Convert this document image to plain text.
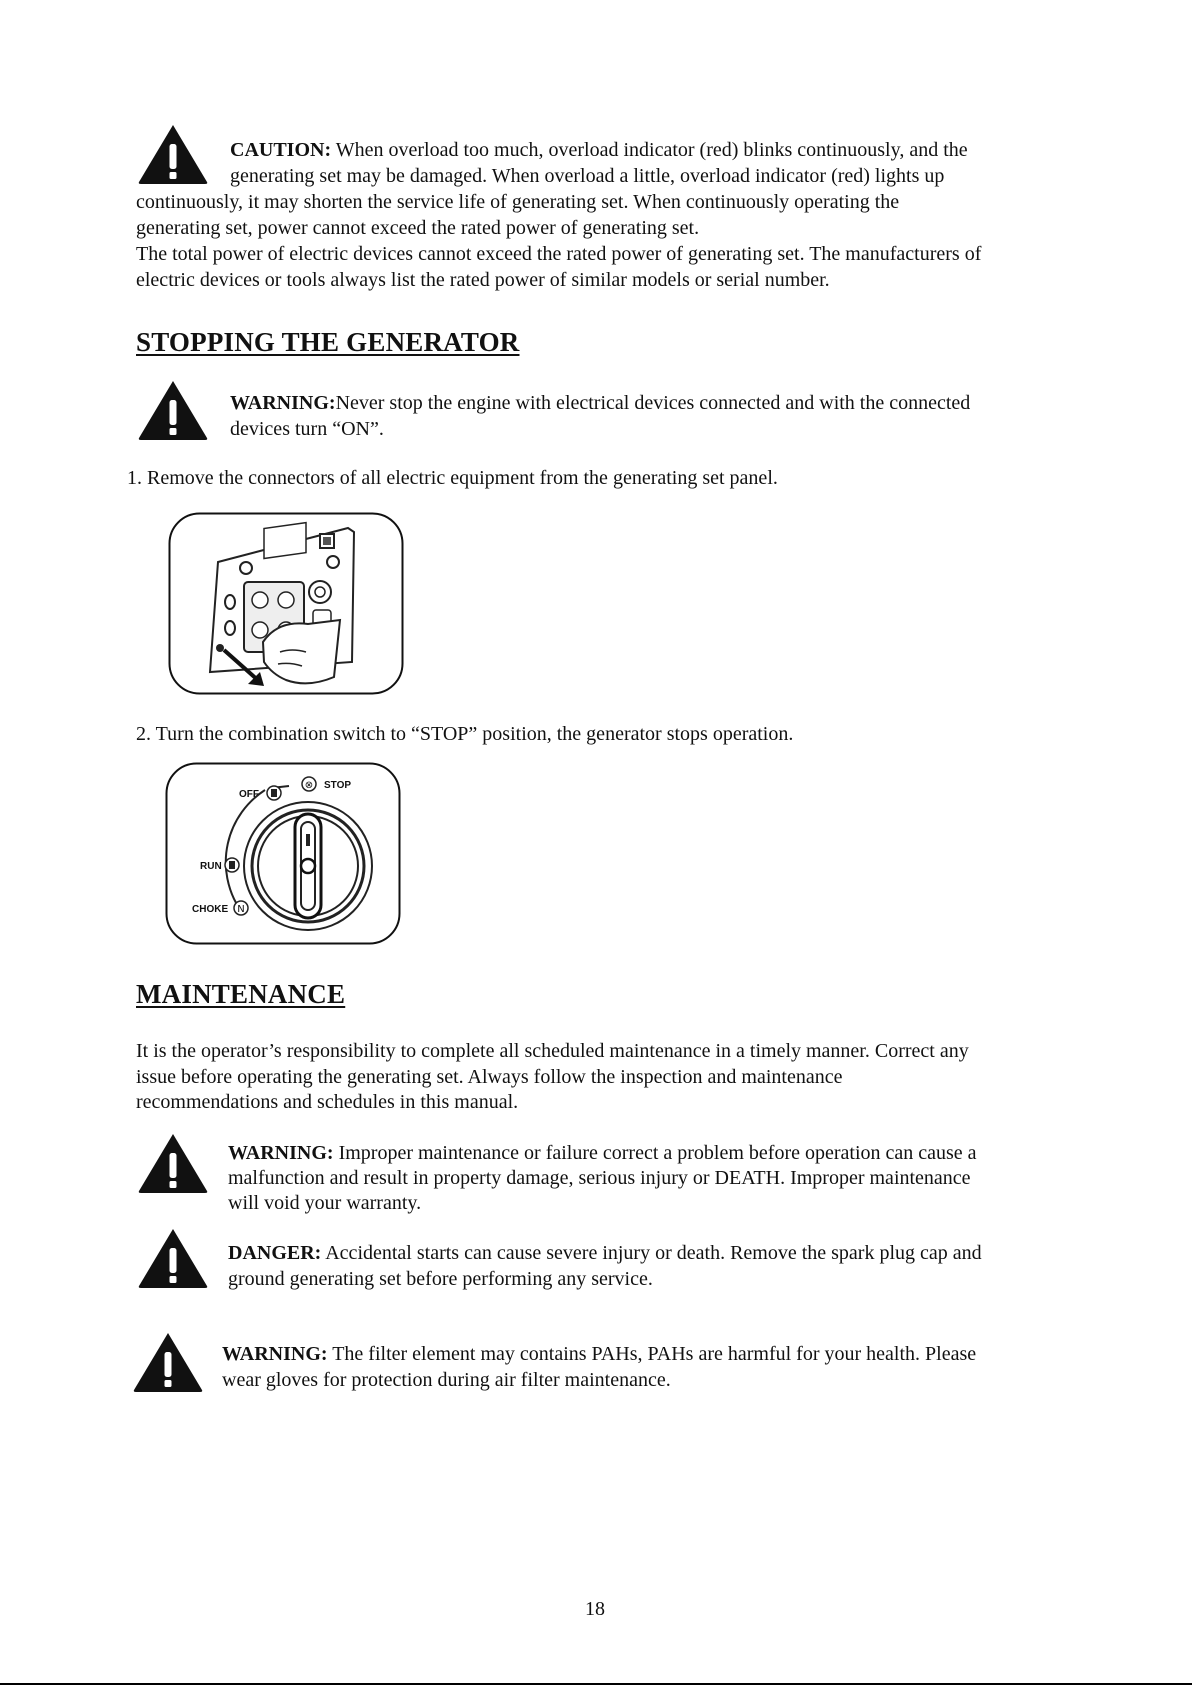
CAUTION: When overload too much, overload indicator (red) blinks continuously, and the
generating set may be damaged. When overload a little, overload indicator (red) lights up
continuously, it may shorten the service life of generating set. When continuously operating the
generating set, power cannot exceed the rated power of generating set.
The total power of electric devices cannot exceed the rated power of generating set. The manufacturers of
electric devices or tools always list the rated power of similar models or serial number.
STOPPING THE GENERATOR
WARNING:Never stop the engine with electrical devices connected and with the connected
devices turn “ON”.
1. Remove the connectors of all electric equipment from the generating set panel.
2. Turn the combination switch to “STOP” position, the generator stops operation.
⊗
N
OFF
STOP
RUN
CHOKE
MAINTENANCE
It is the operator’s responsibility to complete all scheduled maintenance in a timely manner. Correct any
issue before operating the generating set. Always follow the inspection and maintenance
recommendations and schedules in this manual.
WARNING: Improper maintenance or failure correct a problem before operation can cause a
malfunction and result in property damage, serious injury or DEATH. Improper maintenance
will void your warranty.
DANGER: Accidental starts can cause severe injury or death. Remove the spark plug cap and
ground generating set before performing any service.
WARNING: The filter element may contains PAHs, PAHs are harmful for your health. Please
wear gloves for protection during air filter maintenance.
18
